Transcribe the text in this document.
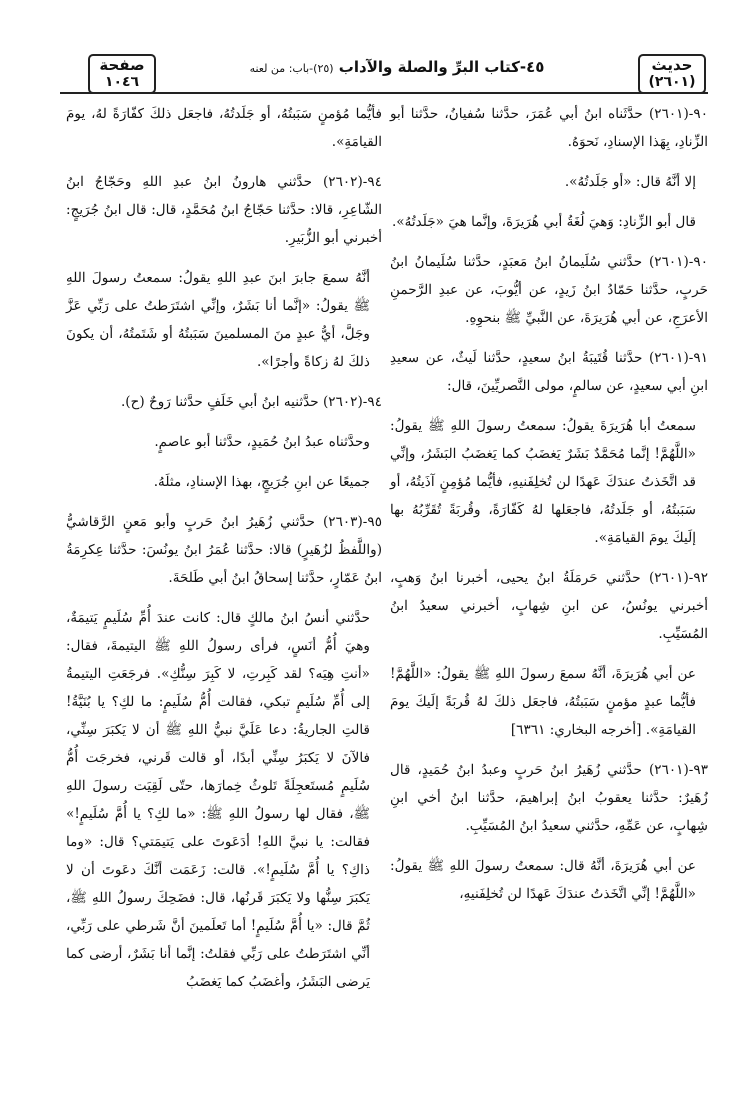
حديث
(٢٦٠١)
٤٥-كتاب البرِّ والصلة والآداب (٢٥)-باب: من لعنه
صفحة
١٠٤٦

٩٠-(٢٦٠١) حدَّثَناه ابنُ أبي عُمَرَ، حدَّثنا سُفيانُ، حدَّثنا أبو الزِّنادِ، بِهَذا الإسنادِ، نَحوَهُ.

إلا أنَّهُ قال: «أو جَلَدتُهُ».

قال أبو الزِّنادِ: وَهيَ لُغَةُ أبي هُرَيرَةَ، وإنَّما هيَ «جَلَدتُهُ».

٩٠-(٢٦٠١) حدَّثني سُلَيمانُ ابنُ مَعبَدٍ، حدَّثنا سُلَيمانُ ابنُ حَربٍ، حدَّثنا حَمّادُ ابنُ زَيدٍ، عن أيُّوبَ، عن عبدِ الرَّحمنِ الأعرَجِ، عن أبي هُرَيرَةَ، عن النَّبيِّ ﷺ بنحوِهِ.

٩١-(٢٦٠١) حدَّثنا قُتَيبَةُ ابنُ سعيدٍ، حدَّثنا لَيثٌ، عن سعيدِ ابنِ أبي سعيدٍ، عن سالمٍ، مولى النَّصريِّينَ، قال:

سمعتُ أبا هُرَيرَةَ يقولُ: سمعتُ رسولَ اللهِ ﷺ يقولُ: «اللَّهُمَّ! إنَّما مُحَمَّدٌ بَشَرٌ يَغضَبُ كما يَغضَبُ البَشَرُ، وإنِّي قد اتَّخَذتُ عندَكَ عَهدًا لن تُخلِفَنيهِ، فأيُّما مُؤمِنٍ آذَيتُهُ، أو سَبَبتُهُ، أو جَلَدتُهُ، فاجعَلها لهُ كَفّارَةً، وقُربَةً تُقَرِّبُهُ بها إلَيكَ يومَ القيامَةِ».

٩٢-(٢٦٠١) حدَّثني حَرمَلَةُ ابنُ يحيى، أخبرنا ابنُ وَهبٍ، أخبرني يونُسُ، عن ابنِ شِهابٍ، أخبرني سعيدُ ابنُ المُسَيِّبِ.

عن أبي هُرَيرَةَ، أنَّهُ سمعَ رسولَ اللهِ ﷺ يقولُ: «اللَّهُمَّ! فأيُّما عبدٍ مؤمنٍ سَبَبتُهُ، فاجعَل ذلكَ لهُ قُربَةً إلَيكَ يومَ القيامَةِ». [أخرجه البخاري: ٦٣٦١]

٩٣-(٢٦٠١) حدَّثني زُهَيرُ ابنُ حَربٍ وعبدُ ابنُ حُمَيدٍ، قال زُهَيرٌ: حدَّثنا يعقوبُ ابنُ إبراهيمَ، حدَّثنا ابنُ أخي ابنِ شِهابٍ، عن عَمِّهِ، حدَّثني سعيدُ ابنُ المُسَيِّبِ.

عن أبي هُرَيرَةَ، أنَّهُ قال: سمعتُ رسولَ اللهِ ﷺ يقولُ: «اللَّهُمَّ! إنِّي اتَّخَذتُ عندَكَ عَهدًا لن تُخلِفَنيهِ،

فأيُّما مُؤمنٍ سَبَبتُهُ، أو جَلَدتُهُ، فاجعَل ذلكَ كفّارَةً لهُ، يومَ القيامَةِ».

٩٤-(٢٦٠٢) حدَّثني هارونُ ابنُ عبدِ اللهِ وحَجّاجُ ابنُ الشّاعِرِ، قالا: حدَّثنا حَجّاجُ ابنُ مُحَمَّدٍ، قال: قال ابنُ جُرَيجٍ: أخبرني أبو الزُّبَيرِ.

أنَّهُ سمعَ جابرَ ابنَ عبدِ اللهِ يقولُ: سمعتُ رسولَ اللهِ ﷺ يقولُ: «إنَّما أنا بَشَرٌ، وإنِّي اشتَرَطتُ على رَبِّي عَزَّ وجَلَّ، أيُّ عبدٍ منَ المسلمينَ سَبَبتُهُ أو شَتَمتُهُ، أن يكونَ ذلكَ لهُ زكاةً وأجرًا».

٩٤-(٢٦٠٢) حدَّثنيه ابنُ أبي خَلَفٍ حدَّثنا رَوحٌ (ح).

وحدَّثناه عبدُ ابنُ حُمَيدٍ، حدَّثنا أبو عاصمٍ.

جميعًا عن ابنِ جُرَيجٍ، بهذا الإسنادِ، مثلَهُ.

٩٥-(٢٦٠٣) حدَّثني زُهَيرُ ابنُ حَربٍ وأبو مَعنٍ الرَّقاشيُّ (واللَّفظُ لزُهَيرٍ) قالا: حدَّثنا عُمَرُ ابنُ يونُسَ: حدَّثنا عِكرِمَةُ ابنُ عَمّارٍ، حدَّثنا إسحاقُ ابنُ أبي طَلحَةَ.

حدَّثني أنسُ ابنُ مالكٍ قال: كانت عندَ أُمِّ سُلَيمٍ يَتيمَةٌ، وهيَ أُمُّ أنَسٍ، فرأى رسولُ اللهِ ﷺ اليتيمةَ، فقال: «أنتِ هِيَه؟ لقد كَبِرتِ، لا كَبِرَ سِنُّكِ». فرجَعَتِ اليتيمةُ إلى أُمِّ سُلَيمٍ تبكي، فقالت أُمُّ سُلَيمٍ: ما لكِ؟ يا بُنَيَّةُ! قالتِ الجاريةُ: دعا عَلَيَّ نبيُّ اللهِ ﷺ أن لا يَكبَرَ سِنِّي، فالآنَ لا يَكبَرُ سِنِّي أبدًا، أو قالت قَرني، فخرجَت أُمُّ سُلَيمٍ مُستَعجِلَةً تَلوثُ خِمارَها، حتّى لَقِيَت رسولَ اللهِ ﷺ، فقال لها رسولُ اللهِ ﷺ: «ما لكِ؟ يا أُمَّ سُلَيمٍ!» فقالت: يا نبيَّ اللهِ! أدَعَوتَ على يَتيمَتي؟ قال: «وما ذاكِ؟ يا أُمَّ سُلَيمٍ!». قالت: زَعَمَت أنَّكَ دعَوتَ أن لا يَكبَرَ سِنُّها ولا يَكبَرَ قَرنُها، قال: فضَحِكَ رسولُ اللهِ ﷺ، ثُمَّ قال: «يا أُمَّ سُلَيمٍ! أما تَعلَمينَ أنَّ شَرطي على رَبِّي، أنِّي اشتَرَطتُ على رَبِّي فقلتُ: إنَّما أنا بَشَرٌ، أرضى كما يَرضى البَشَرُ، وأغضَبُ كما يَغضَبُ
